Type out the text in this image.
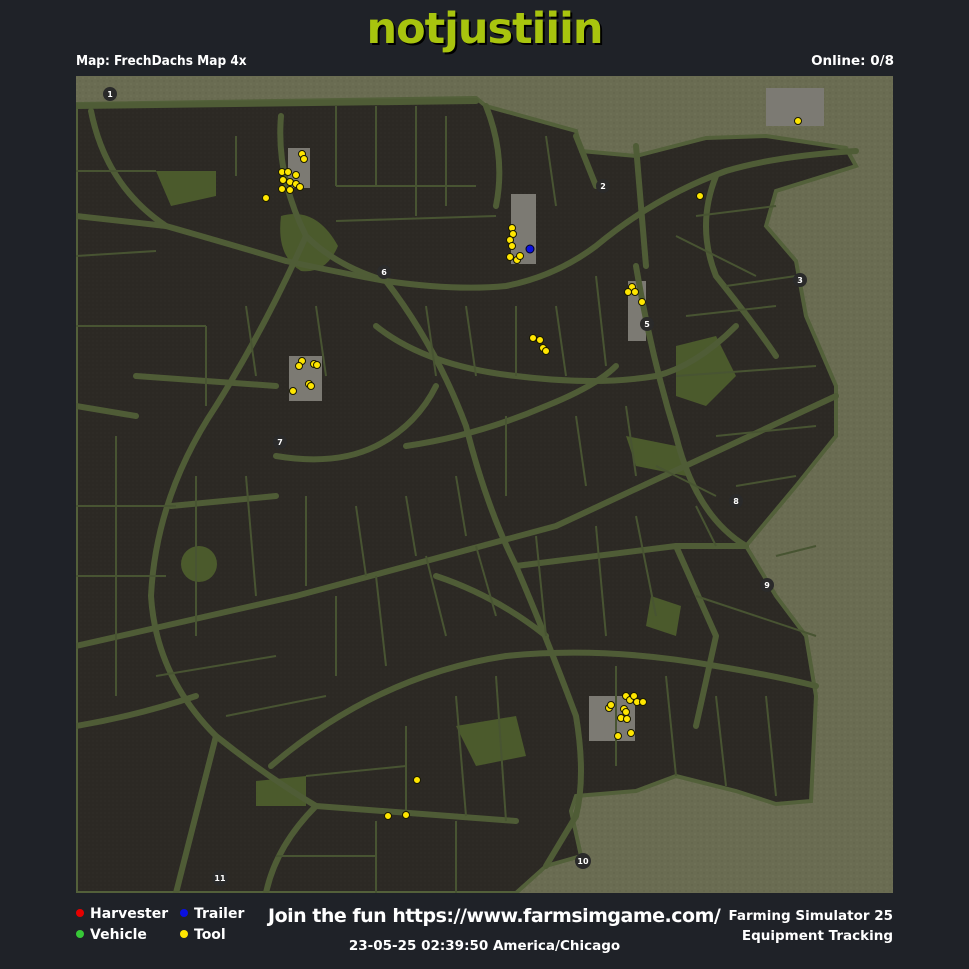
notjustiiin
Map: FrechDachs Map 4x	Online: 0/8
1
2
3
5
6
7
8
9
10
11
Harvester	Trailer
Vehicle	Tool
Join the fun https://www.farmsimgame.com/
23-05-25 02:39:50 America/Chicago
Farming Simulator 25
Equipment Tracking
